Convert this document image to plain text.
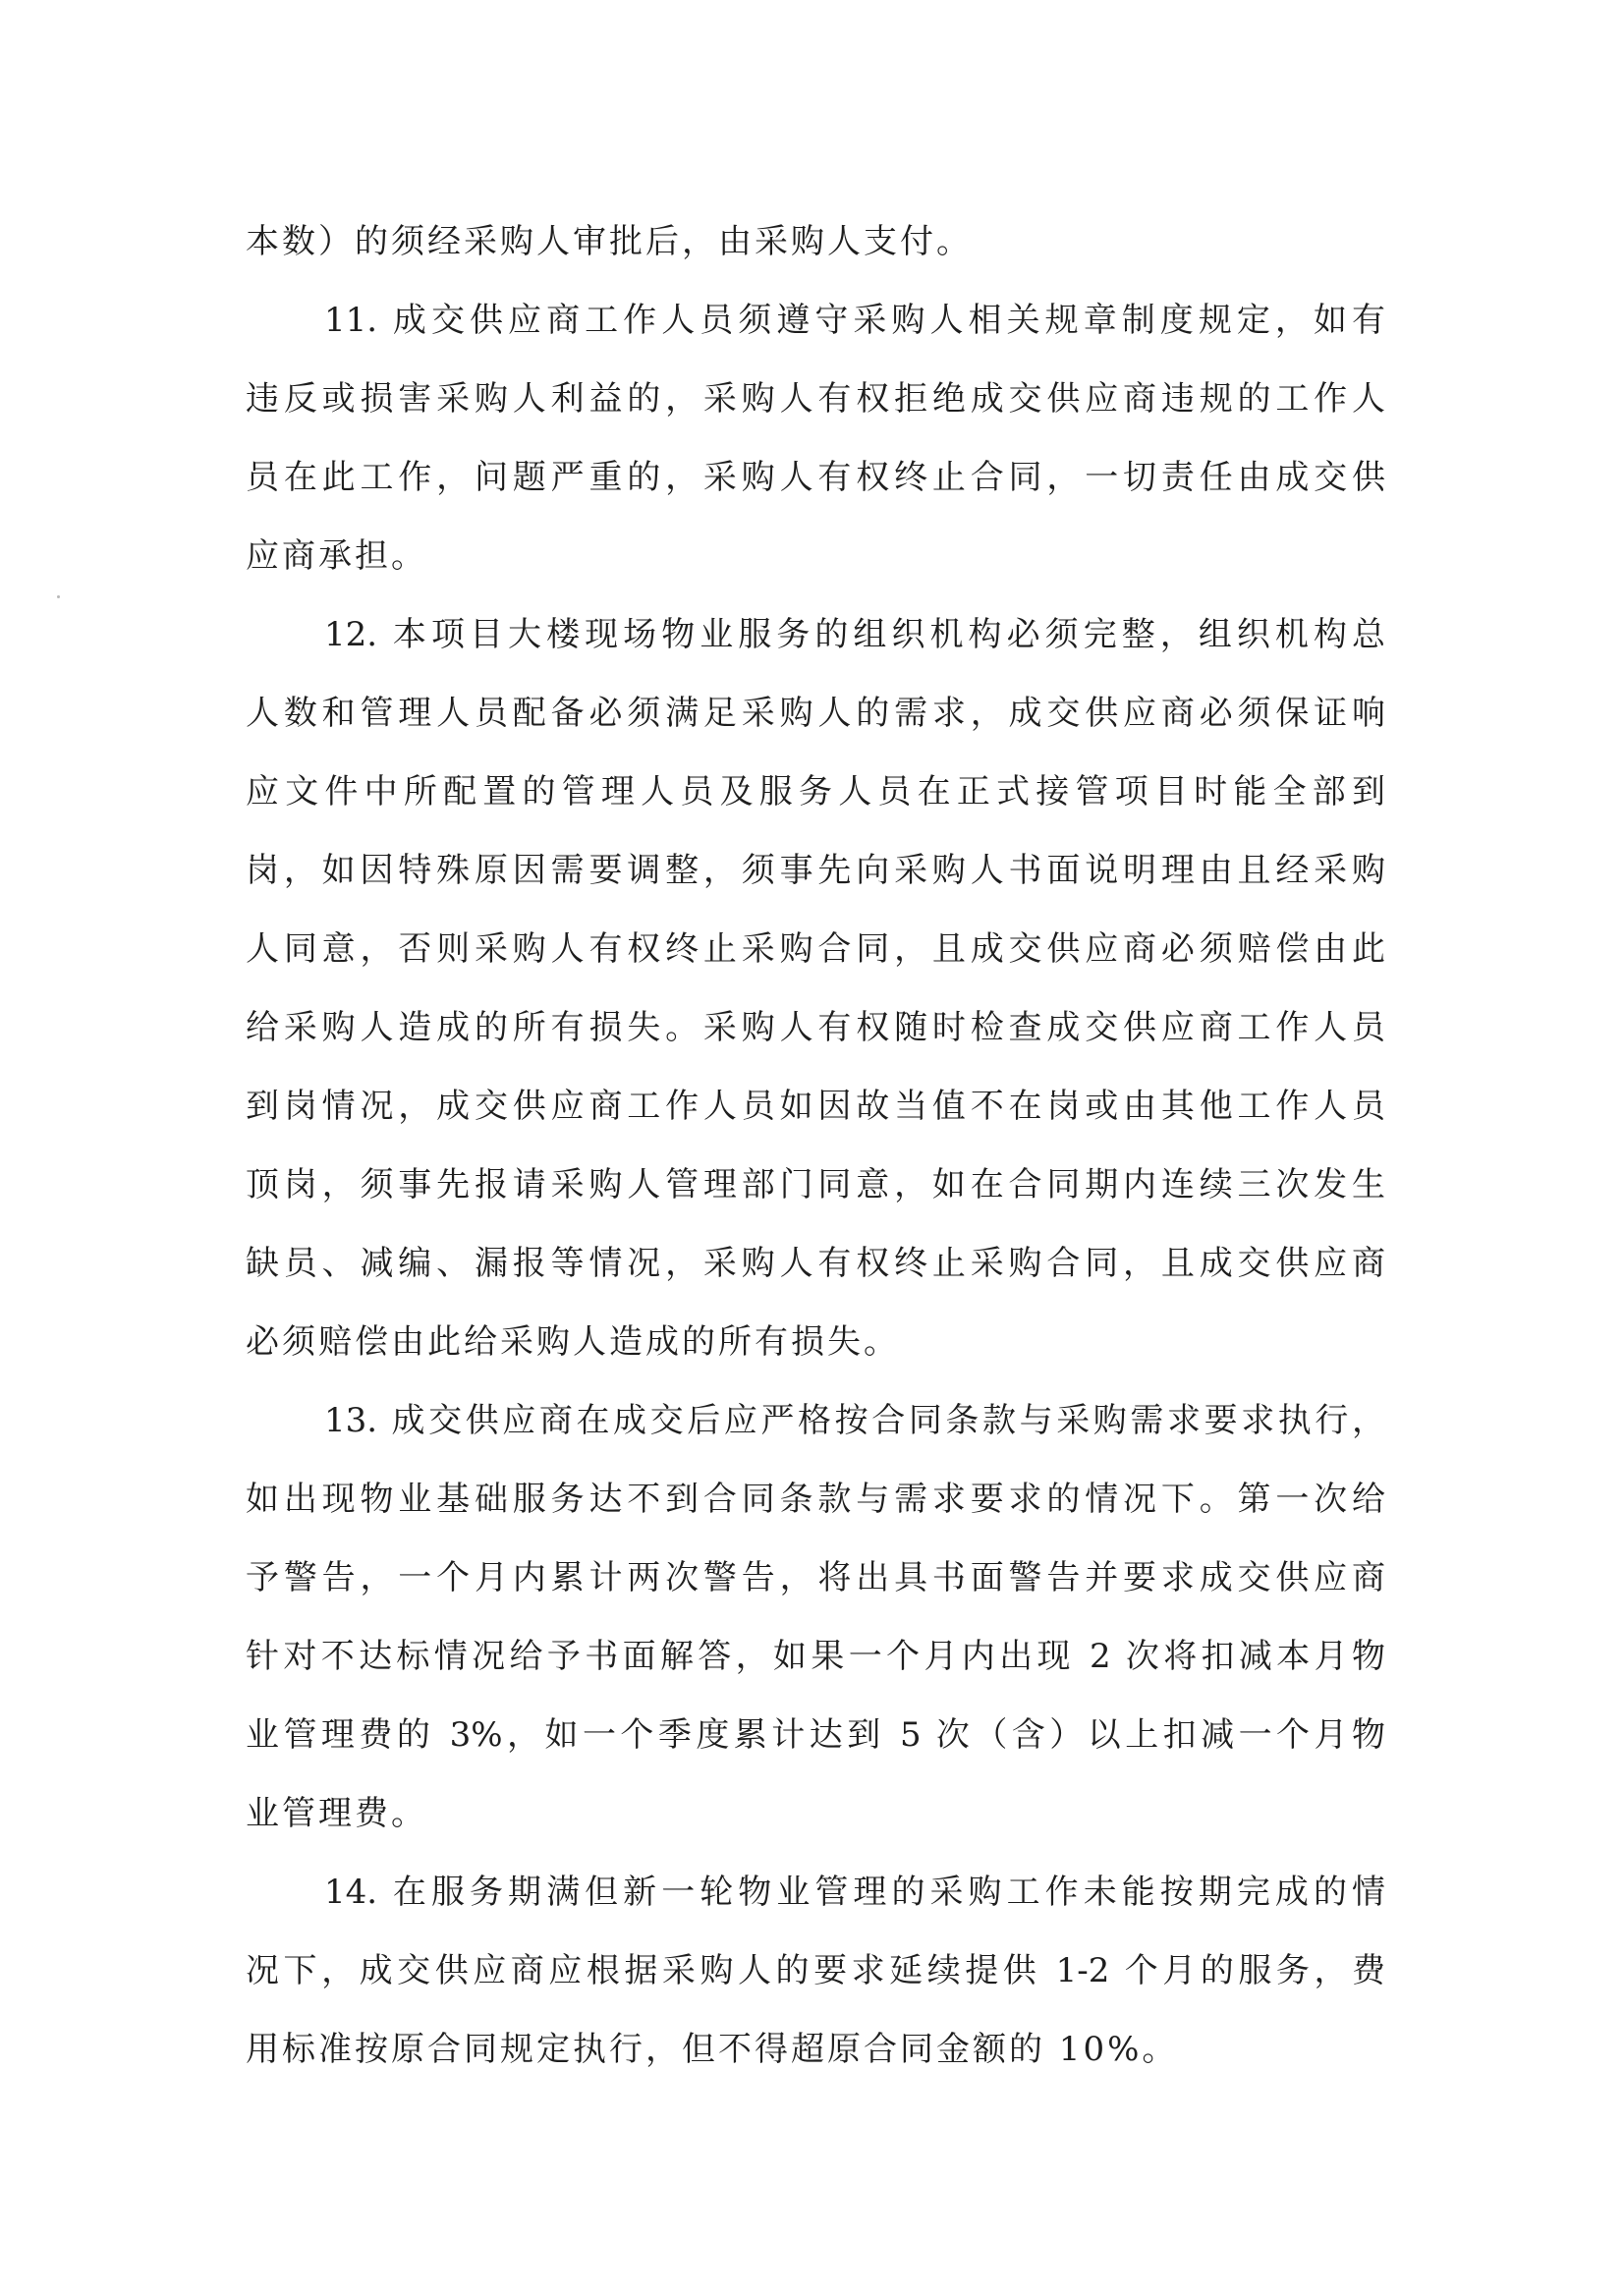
本数）的须经采购人审批后，由采购人支付。
11. 成交供应商工作人员须遵守采购人相关规章制度规定，如有
违反或损害采购人利益的，采购人有权拒绝成交供应商违规的工作人
员在此工作，问题严重的，采购人有权终止合同，一切责任由成交供
应商承担。
12. 本项目大楼现场物业服务的组织机构必须完整，组织机构总
人数和管理人员配备必须满足采购人的需求，成交供应商必须保证响
应文件中所配置的管理人员及服务人员在正式接管项目时能全部到
岗，如因特殊原因需要调整，须事先向采购人书面说明理由且经采购
人同意，否则采购人有权终止采购合同，且成交供应商必须赔偿由此
给采购人造成的所有损失。采购人有权随时检查成交供应商工作人员
到岗情况，成交供应商工作人员如因故当值不在岗或由其他工作人员
顶岗，须事先报请采购人管理部门同意，如在合同期内连续三次发生
缺员、减编、漏报等情况，采购人有权终止采购合同，且成交供应商
必须赔偿由此给采购人造成的所有损失。
13. 成交供应商在成交后应严格按合同条款与采购需求要求执行，
如出现物业基础服务达不到合同条款与需求要求的情况下。第一次给
予警告，一个月内累计两次警告，将出具书面警告并要求成交供应商
针对不达标情况给予书面解答，如果一个月内出现 2 次将扣减本月物
业管理费的 3%，如一个季度累计达到 5 次（含）以上扣减一个月物
业管理费。
14. 在服务期满但新一轮物业管理的采购工作未能按期完成的情
况下，成交供应商应根据采购人的要求延续提供 1-2 个月的服务，费
用标准按原合同规定执行，但不得超原合同金额的 10%。
